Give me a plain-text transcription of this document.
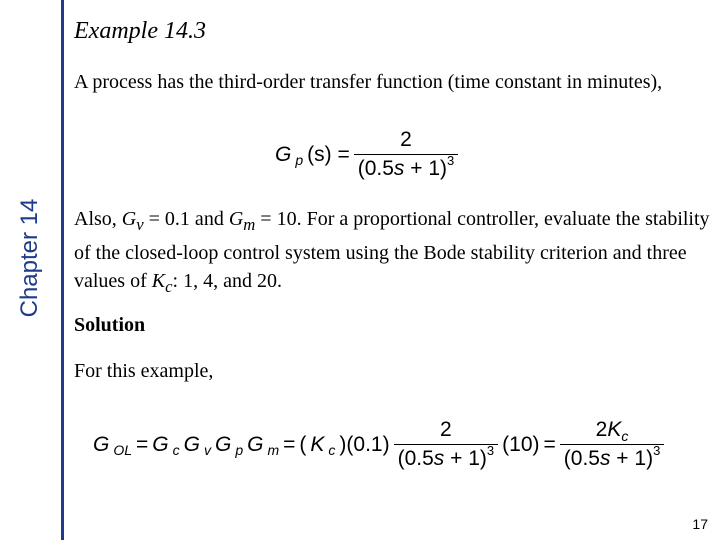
Chapter 14
Example 14.3
A process has the third-order transfer function (time constant in minutes),
G p $(s) = \frac{2}{(0.5s + 1)^3}$
Also, $G_v = 0.1$ and $G_m = 10$. For a proportional controller, evaluate the stability of the closed-loop control system using the Bode stability criterion and three values of $K_c$: 1, 4, and 20.
Solution
For this example,
G OL = G c G v G p G m = ( K c )$(0.1) \frac{2}{(0.5s + 1)^3} (10) = \frac{2K_c}{(0.5s + 1)^3}$
17
